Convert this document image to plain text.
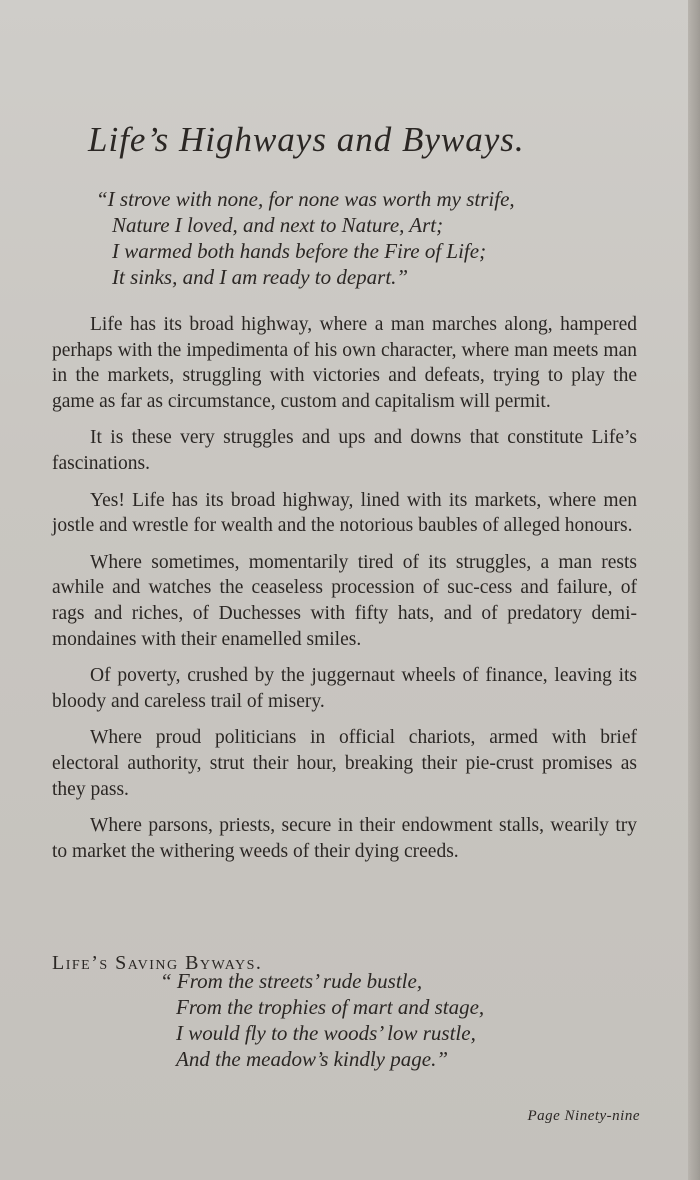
Life’s Highways and Byways.
“I strove with none, for none was worth my strife,
Nature I loved, and next to Nature, Art;
I warmed both hands before the Fire of Life;
It sinks, and I am ready to depart.”

Life has its broad highway, where a man marches along, hampered perhaps with the impedimenta of his own character, where man meets man in the markets, struggling with victories and defeats, trying to play the game as far as circumstance, custom and capitalism will permit.

It is these very struggles and ups and downs that constitute Life’s fascinations.

Yes! Life has its broad highway, lined with its markets, where men jostle and wrestle for wealth and the notorious baubles of alleged honours.

Where sometimes, momentarily tired of its struggles, a man rests awhile and watches the ceaseless procession of suc-cess and failure, of rags and riches, of Duchesses with fifty hats, and of predatory demi-mondaines with their enamelled smiles.

Of poverty, crushed by the juggernaut wheels of finance, leaving its bloody and careless trail of misery.

Where proud politicians in official chariots, armed with brief electoral authority, strut their hour, breaking their pie-crust promises as they pass.

Where parsons, priests, secure in their endowment stalls, wearily try to market the withering weeds of their dying creeds.

Life’s Saving Byways.
“ From the streets’ rude bustle,
From the trophies of mart and stage,
I would fly to the woods’ low rustle,
And the meadow’s kindly page.”
Page Ninety-nine
